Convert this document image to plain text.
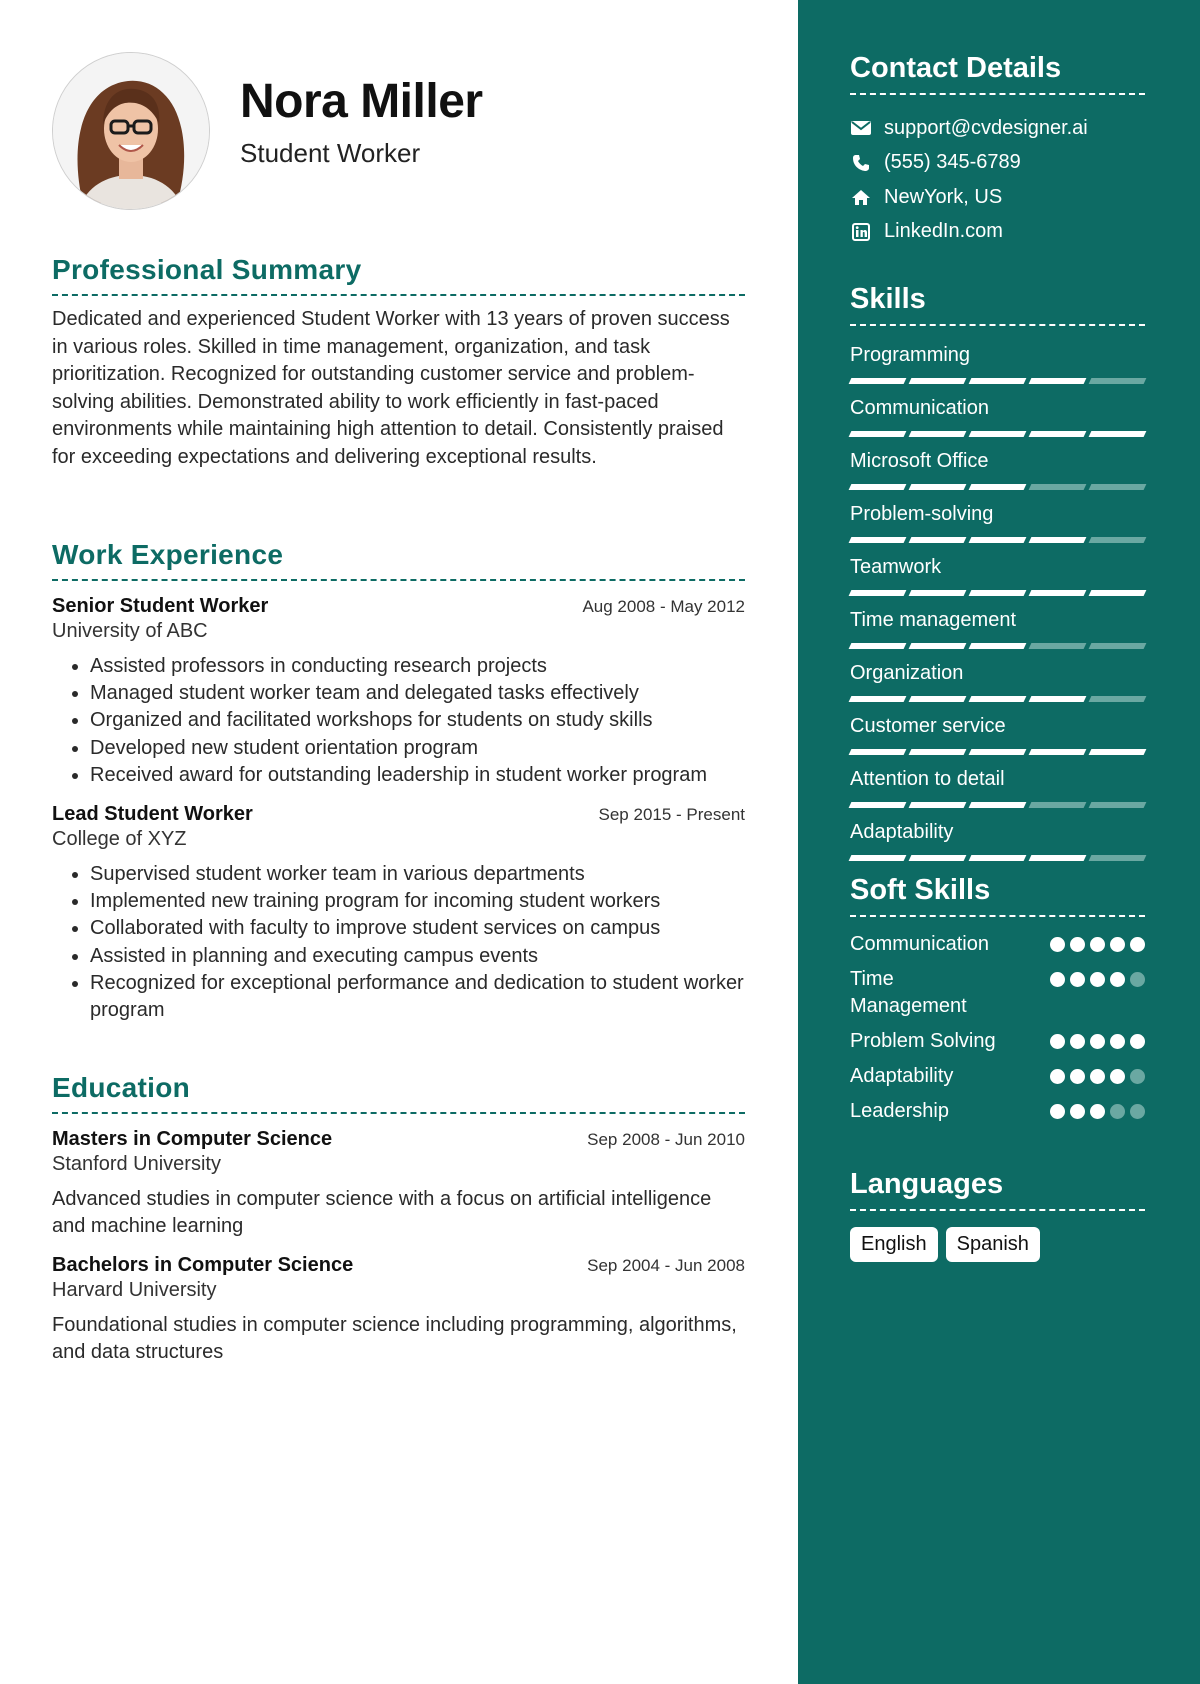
Nora Miller
Student Worker
Professional Summary
Dedicated and experienced Student Worker with 13 years of proven success in various roles. Skilled in time management, organization, and task prioritization. Recognized for outstanding customer service and problem-solving abilities. Demonstrated ability to work efficiently in fast-paced environments while maintaining high attention to detail. Consistently praised for exceeding expectations and delivering exceptional results.
Work Experience
Senior Student Worker	Aug 2008 - May 2012
University of ABC
• Assisted professors in conducting research projects
• Managed student worker team and delegated tasks effectively
• Organized and facilitated workshops for students on study skills
• Developed new student orientation program
• Received award for outstanding leadership in student worker program
Lead Student Worker	Sep 2015 - Present
College of XYZ
• Supervised student worker team in various departments
• Implemented new training program for incoming student workers
• Collaborated with faculty to improve student services on campus
• Assisted in planning and executing campus events
• Recognized for exceptional performance and dedication to student worker program
Education
Masters in Computer Science	Sep 2008 - Jun 2010
Stanford University
Advanced studies in computer science with a focus on artificial intelligence and machine learning
Bachelors in Computer Science	Sep 2004 - Jun 2008
Harvard University
Foundational studies in computer science including programming, algorithms, and data structures
Contact Details
support@cvdesigner.ai
(555) 345-6789
NewYork, US
LinkedIn.com
Skills
Programming
Communication
Microsoft Office
Problem-solving
Teamwork
Time management
Organization
Customer service
Attention to detail
Adaptability
Soft Skills
Communication
Time Management
Problem Solving
Adaptability
Leadership
Languages
English	Spanish
